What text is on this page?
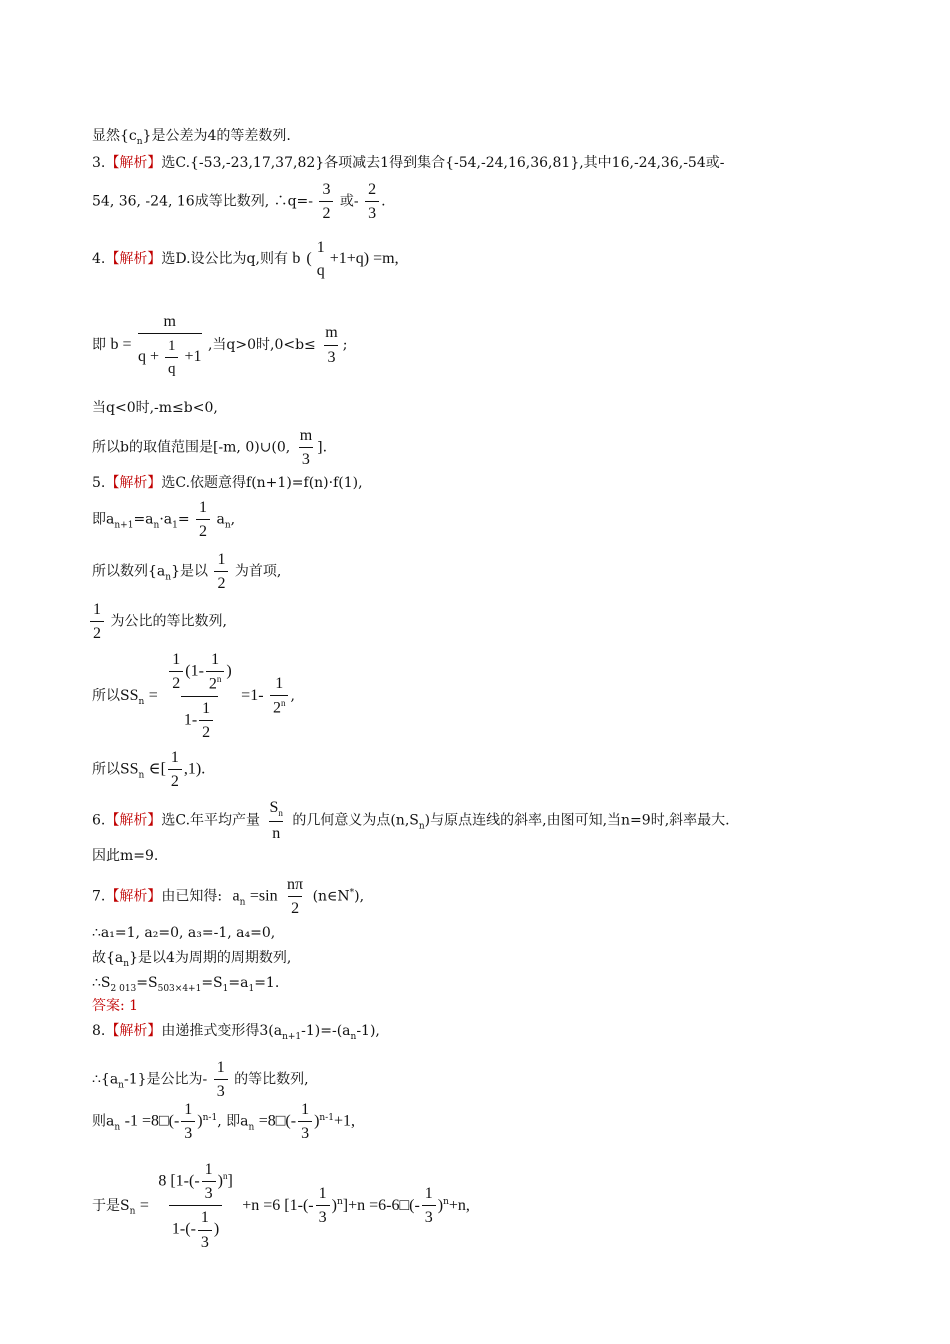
显然$\{c_n\}$是公差为4的等差数列.
3.【解析】选C.{-53,-23,17,37,82}各项减去1得到集合{-54,-24,16,36,81},其中16,-24,36,-54或-
54, 36, -24, 16成等比数列, ∴q=- $\frac{3}{2}$ 或- $\frac{2}{3}$ .
4.【解析】选D.设公比为q,则有 b (
1
q
+1+q) =m,
即 $b = \frac{m}{q + \frac{1}{q} +1}$ ,当q>0时$,0<b\le \frac{m}{3}$ ;
当q<0时,-m≤b<0,
所以b的取值范围是[-m, 0)∪(0, $\frac{m}{3}$ ].
5.【解析】选C.依题意得f(n+1)=f(n)·f(1),
即$a_{n+1}=a_n\cdot a_1= \frac{1}{2} a_n$,
所以数列$\{a_n\}$是以 $\frac{1}{2}$ 为首项,
$\frac{1}{2}$ 为公比的等比数列,
所以$SS_n = \frac{\frac{1}{2} (1- \frac{1}{2^n} )}{1- \frac{1}{2}} =1- \frac{1}{2^n}$ ,
所以$SS_n$ ∈[ $\frac{1}{2} ,1$).
6.【解析】选C.年平均产量 $\frac{S_n}{n}$ 的几何意义为点$(n,S_n)$与原点连线的斜率,由图可知,当n=9时,斜率最大.
因此m=9.
7.【解析】由已知得: $a_n =\sin \frac{n\pi}{2}$ (n∈N*),
∴a₁=1, a₂=0, a₃=-1, a₄=0,
故$\{a_n\}$是以4为周期的周期数列,
$\therefore S_{2 013}=S_{503\times 4+1}=S_1=a_1=1$.
答案: 1
8.【解析】由递推式变形得$3(a_{n+1}-1)=-(a_n-1)$,
$\therefore\{a_n-1\}$是公比为- $\frac{1}{3}$ 的等比数列,
则$a_n$ -1 =8□(- $\frac{1}{3} )^{n-1}$, 即$a_n$ =8□(- $\frac{1}{3} )^{n-1}+1$,
于是$S_n = \frac{8 [1-(- \frac{1}{3} )^n]}{1-(- \frac{1}{3} )} +n =6$ $[1-(- \frac{1}{3} )^n]+n$ =6-6□(- $\frac{1}{3} )^n+n$,
